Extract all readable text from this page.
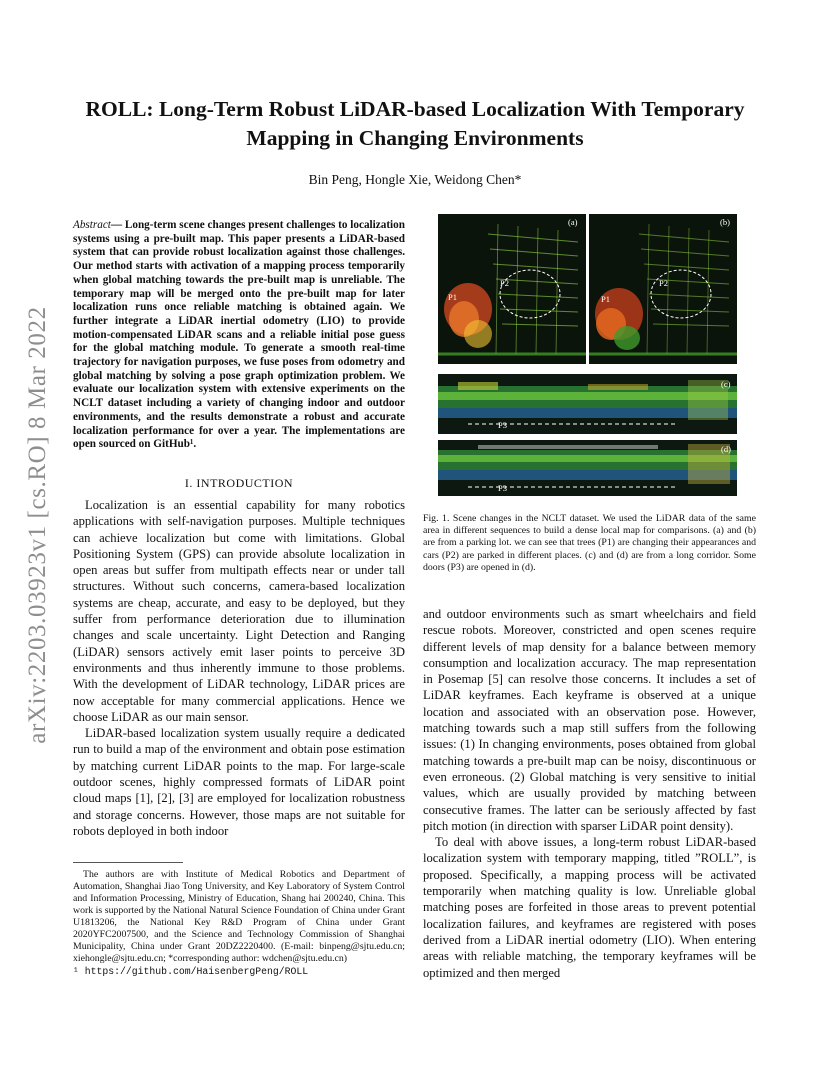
arXiv:2203.03923v1 [cs.RO] 8 Mar 2022
ROLL: Long-Term Robust LiDAR-based Localization With Temporary Mapping in Changing Environments
Bin Peng, Hongle Xie, Weidong Chen*
Abstract— Long-term scene changes present challenges to localization systems using a pre-built map. This paper presents a LiDAR-based system that can provide robust localization against those challenges. Our method starts with activation of a mapping process temporarily when global matching towards the pre-built map is unreliable. The temporary map will be merged onto the pre-built map for later localization runs once reliable matching is obtained again. We further integrate a LiDAR inertial odometry (LIO) to provide motion-compensated LiDAR scans and a reliable initial pose guess for the global matching module. To generate a smooth real-time trajectory for navigation purposes, we fuse poses from odometry and global matching by solving a pose graph optimization problem. We evaluate our localization system with extensive experiments on the NCLT dataset including a variety of changing indoor and outdoor environments, and the results demonstrate a robust and accurate localization performance for over a year. The implementations are open sourced on GitHub¹.
I. INTRODUCTION

Localization is an essential capability for many robotics applications with self-navigation purposes. Multiple techniques can achieve localization but come with limitations. Global Positioning System (GPS) can provide absolute localization in open areas but suffer from multipath effects near or under tall structures. Without such concerns, camera-based localization systems are cheap, accurate, and easy to be deployed, but they suffer from performance deterioration due to illumination changes and scale uncertainty. Light Detection and Ranging (LiDAR) sensors actively emit laser points to perceive 3D environments and thus inherently immune to those problems. With the development of LiDAR technology, LiDAR prices are now acceptable for many commercial applications. Hence we choose LiDAR as our main sensor.

LiDAR-based localization system usually require a dedicated run to build a map of the environment and obtain pose estimation by matching current LiDAR points to the map. For large-scale outdoor scenes, highly compressed formats of LiDAR point cloud maps [1], [2], [3] are employed for localization robustness and storage concerns. However, those maps are not suitable for robots deployed in both indoor

The authors are with Institute of Medical Robotics and Department of Automation, Shanghai Jiao Tong University, and Key Laboratory of System Control and Information Processing, Ministry of Education, Shang hai 200240, China. This work is supported by the National Natural Science Foundation of China under Grant U1813206, the National Key R&D Program of China under Grant 2020YFC2007500, and the Science and Technology Commission of Shanghai Municipality, China under Grant 20DZ2220400. (E-mail: binpeng@sjtu.edu.cn; xiehongle@sjtu.edu.cn; *corresponding author: wdchen@sjtu.edu.cn)

¹ https://github.com/HaisenbergPeng/ROLL
(a)
P1
P2
(b)
P1
P2
(c)
P3
(d)
P3
Fig. 1. Scene changes in the NCLT dataset. We used the LiDAR data of the same area in different sequences to build a dense local map for comparisons. (a) and (b) are from a parking lot. we can see that trees (P1) are changing their appearances and cars (P2) are parked in different places. (c) and (d) are from a long corridor. Some doors (P3) are opened in (d).

and outdoor environments such as smart wheelchairs and field rescue robots. Moreover, constricted and open scenes require different levels of map density for a balance between memory consumption and localization accuracy. The map representation in Posemap [5] can resolve those concerns. It includes a set of LiDAR keyframes. Each keyframe is observed at a unique location and associated with an observation pose. However, matching towards such a map still suffers from the following issues: (1) In changing environments, poses obtained from global matching towards a pre-built map can be noisy, discontinuous or even erroneous. (2) Global matching is very sensitive to initial values, which are usually provided by matching between consecutive frames. The latter can be seriously affected by fast pitch motion (in direction with sparser LiDAR point density).

To deal with above issues, a long-term robust LiDAR-based localization system with temporary mapping, titled ”ROLL”, is proposed. Specifically, a mapping process will be activated temporarily when matching quality is low. Unreliable global matching poses are forfeited in those areas to prevent potential localization failures, and keyframes are registered with poses derived from a LiDAR inertial odometry (LIO). When entering areas with reliable matching, the temporary keyframes will be optimized and then merged
